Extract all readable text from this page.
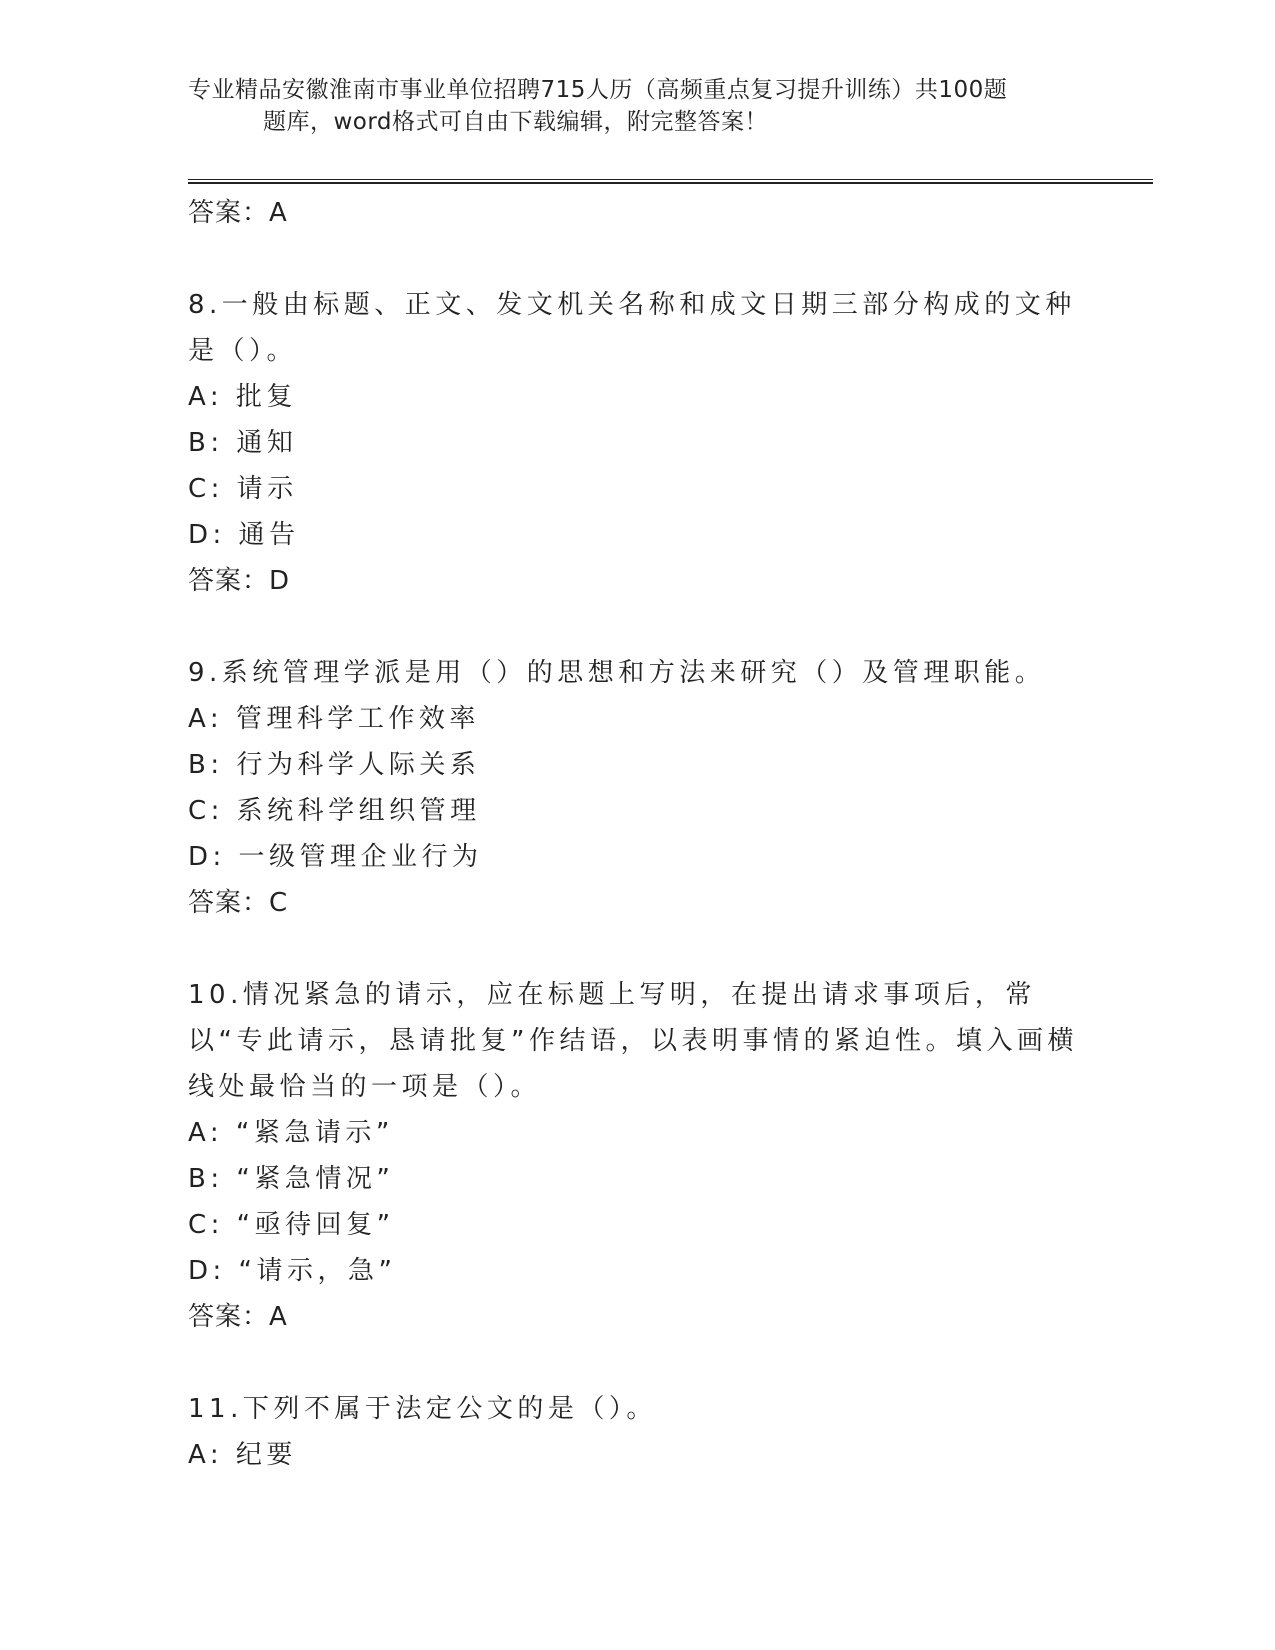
专业精品安徽淮南市事业单位招聘715人历（高频重点复习提升训练）共100题
题库，word格式可自由下载编辑，附完整答案！
答案：A
8.一般由标题、正文、发文机关名称和成文日期三部分构成的文种是（）。
A: 批复
B: 通知
C: 请示
D: 通告
答案：D
9.系统管理学派是用（）的思想和方法来研究（）及管理职能。
A: 管理科学工作效率
B: 行为科学人际关系
C: 系统科学组织管理
D: 一级管理企业行为
答案：C
10.情况紧急的请示，应在标题上写明，在提出请求事项后，常以“专此请示，恳请批复”作结语，以表明事情的紧迫性。填入画横线处最恰当的一项是（）。
A: “紧急请示”
B: “紧急情况”
C: “亟待回复”
D: “请示，急”
答案：A
11.下列不属于法定公文的是（）。
A: 纪要
